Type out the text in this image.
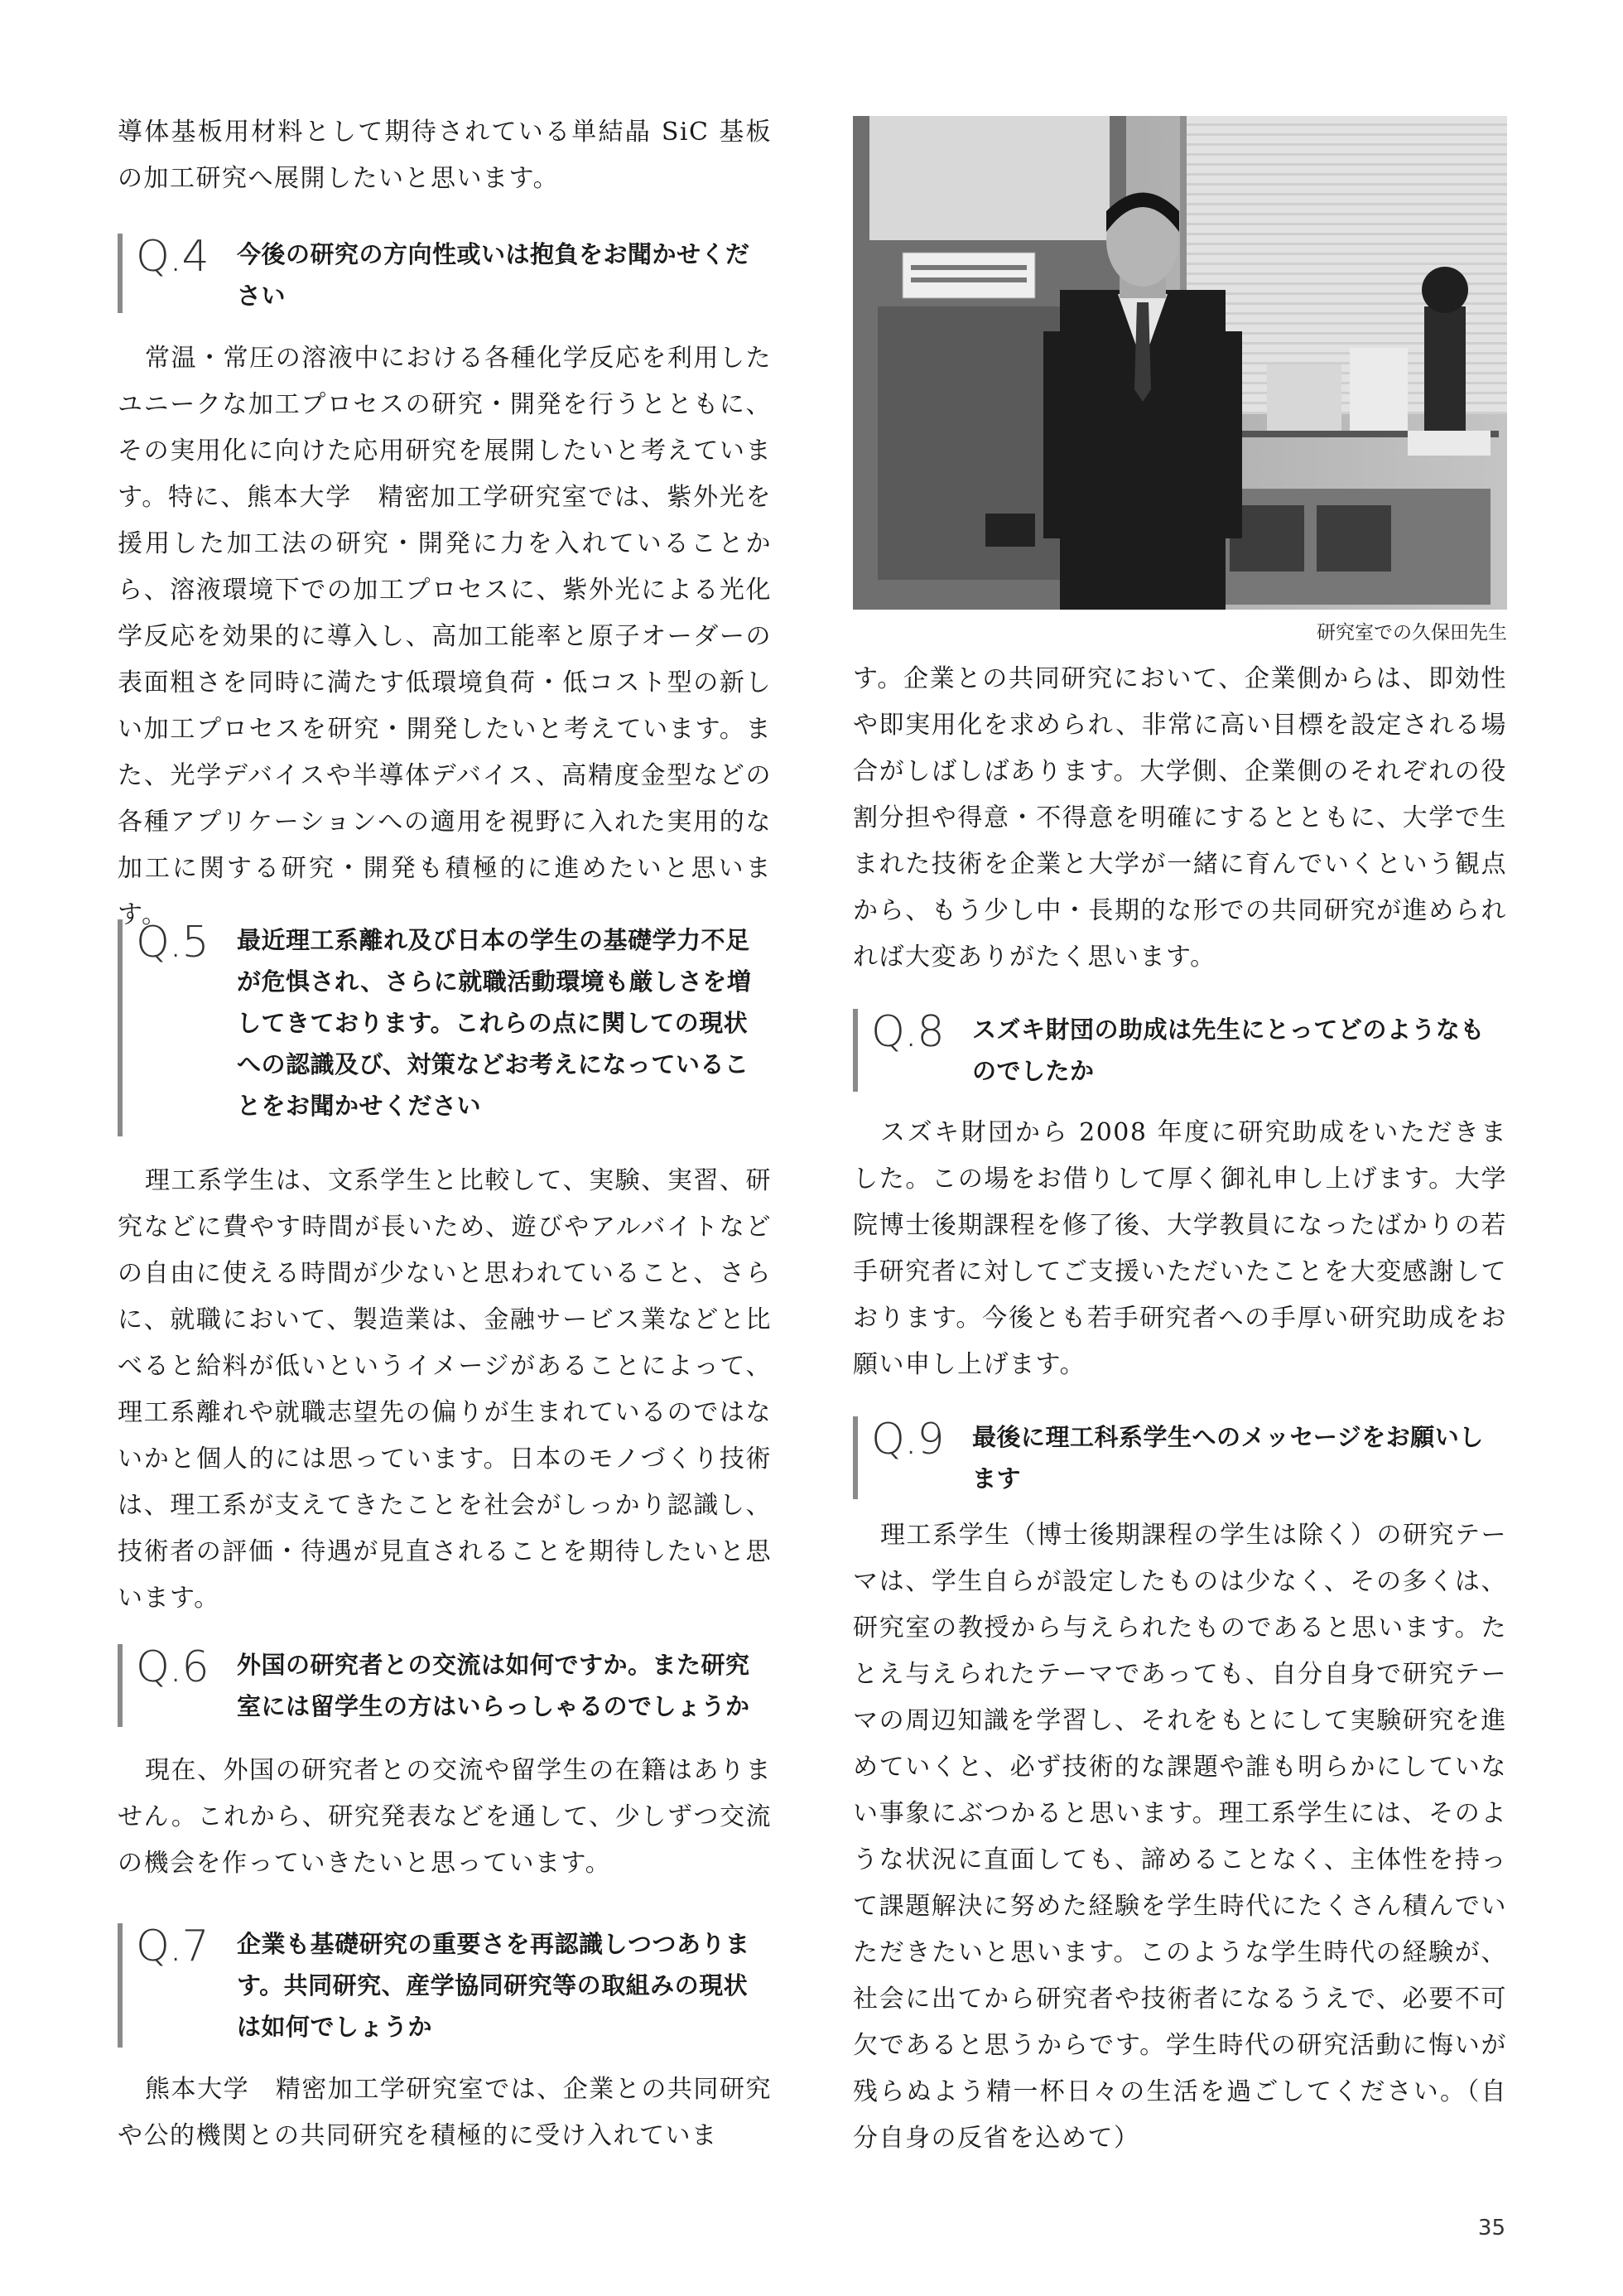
導体基板用材料として期待されている単結晶 SiC 基板の加工研究へ展開したいと思います。

Q.4 今後の研究の方向性或いは抱負をお聞かせください

常温・常圧の溶液中における各種化学反応を利用したユニークな加工プロセスの研究・開発を行うとともに、その実用化に向けた応用研究を展開したいと考えています。特に、熊本大学　精密加工学研究室では、紫外光を援用した加工法の研究・開発に力を入れていることから、溶液環境下での加工プロセスに、紫外光による光化学反応を効果的に導入し、高加工能率と原子オーダーの表面粗さを同時に満たす低環境負荷・低コスト型の新しい加工プロセスを研究・開発したいと考えています。また、光学デバイスや半導体デバイス、高精度金型などの各種アプリケーションへの適用を視野に入れた実用的な加工に関する研究・開発も積極的に進めたいと思います。

Q.5 最近理工系離れ及び日本の学生の基礎学力不足が危惧され、さらに就職活動環境も厳しさを増してきております。これらの点に関しての現状への認識及び、対策などお考えになっていることをお聞かせください

理工系学生は、文系学生と比較して、実験、実習、研究などに費やす時間が長いため、遊びやアルバイトなどの自由に使える時間が少ないと思われていること、さらに、就職において、製造業は、金融サービス業などと比べると給料が低いというイメージがあることによって、理工系離れや就職志望先の偏りが生まれているのではないかと個人的には思っています。日本のモノづくり技術は、理工系が支えてきたことを社会がしっかり認識し、技術者の評価・待遇が見直されることを期待したいと思います。

Q.6 外国の研究者との交流は如何ですか。また研究室には留学生の方はいらっしゃるのでしょうか

現在、外国の研究者との交流や留学生の在籍はありません。これから、研究発表などを通して、少しずつ交流の機会を作っていきたいと思っています。

Q.7 企業も基礎研究の重要さを再認識しつつあります。共同研究、産学協同研究等の取組みの現状は如何でしょうか

熊本大学　精密加工学研究室では、企業との共同研究や公的機関との共同研究を積極的に受け入れていま

研究室での久保田先生

す。企業との共同研究において、企業側からは、即効性や即実用化を求められ、非常に高い目標を設定される場合がしばしばあります。大学側、企業側のそれぞれの役割分担や得意・不得意を明確にするとともに、大学で生まれた技術を企業と大学が一緒に育んでいくという観点から、もう少し中・長期的な形での共同研究が進められれば大変ありがたく思います。

Q.8 スズキ財団の助成は先生にとってどのようなものでしたか

スズキ財団から 2008 年度に研究助成をいただきました。この場をお借りして厚く御礼申し上げます。大学院博士後期課程を修了後、大学教員になったばかりの若手研究者に対してご支援いただいたことを大変感謝しております。今後とも若手研究者への手厚い研究助成をお願い申し上げます。

Q.9 最後に理工科系学生へのメッセージをお願いします

理工系学生（博士後期課程の学生は除く）の研究テーマは、学生自らが設定したものは少なく、その多くは、研究室の教授から与えられたものであると思います。たとえ与えられたテーマであっても、自分自身で研究テーマの周辺知識を学習し、それをもとにして実験研究を進めていくと、必ず技術的な課題や誰も明らかにしていない事象にぶつかると思います。理工系学生には、そのような状況に直面しても、諦めることなく、主体性を持って課題解決に努めた経験を学生時代にたくさん積んでいただきたいと思います。このような学生時代の経験が、社会に出てから研究者や技術者になるうえで、必要不可欠であると思うからです。学生時代の研究活動に悔いが残らぬよう精一杯日々の生活を過ごしてください。（自分自身の反省を込めて）

35
